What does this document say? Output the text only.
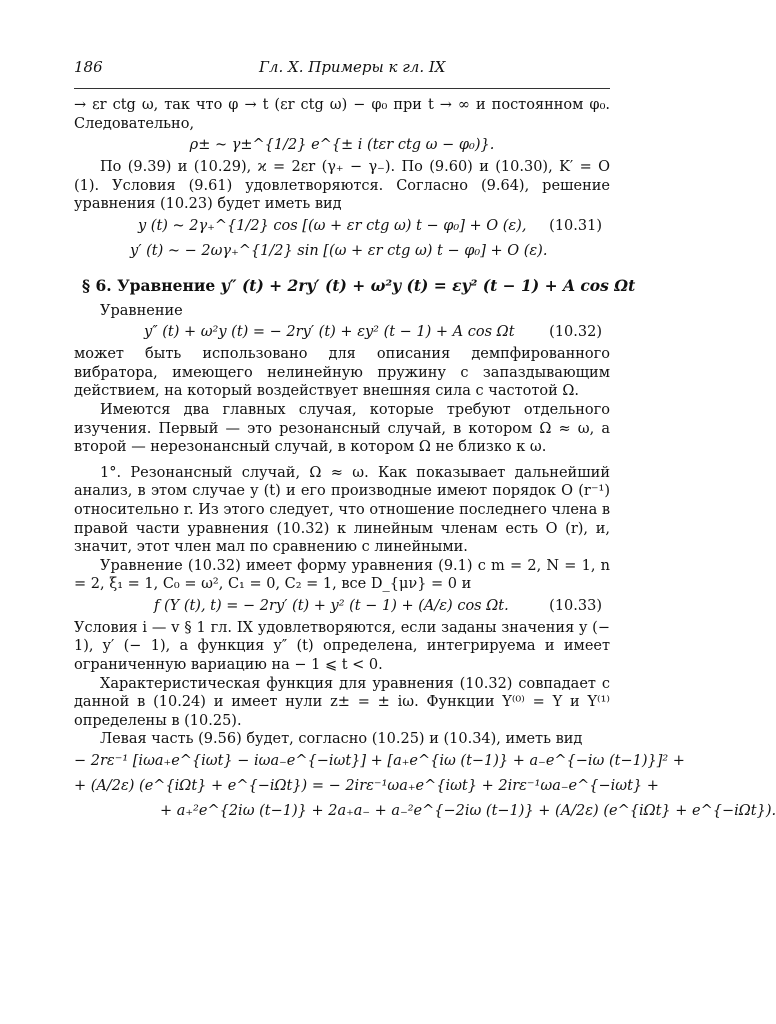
186	Гл. X. Примеры к гл. IX

→ εr ctg ω, так что φ → t (εr ctg ω) − φ₀ при t → ∞ и постоянном φ₀. Следовательно,

ρ± ~ γ±^{1/2} e^{± i (tεr ctg ω − φ₀)}.

По (9.39) и (10.29), ϰ = 2εr (γ₊ − γ₋). По (9.60) и (10.30), K′ = O (1). Условия (9.61) удовлетворяются. Согласно (9.64), решение уравнения (10.23) будет иметь вид

y (t) ~ 2γ₊^{1/2} cos [(ω + εr ctg ω) t − φ₀] + O (ε), (10.31)
y′ (t) ~ − 2ωγ₊^{1/2} sin [(ω + εr ctg ω) t − φ₀] + O (ε).
§ 6. Уравнение y″ (t) + 2ry′ (t) + ω²y (t) = εy² (t − 1) + A cos Ωt

Уравнение

y″ (t) + ω²y (t) = − 2ry′ (t) + εy² (t − 1) + A cos Ωt (10.32)

может быть использовано для описания демпфированного вибратора, имеющего нелинейную пружину с запаздывающим действием, на который воздействует внешняя сила с частотой Ω.

Имеются два главных случая, которые требуют отдельного изучения. Первый — это резонансный случай, в котором Ω ≈ ω, а второй — нерезонансный случай, в котором Ω не близко к ω.

1°. Резонансный случай, Ω ≈ ω. Как показывает дальнейший анализ, в этом случае y (t) и его производные имеют порядок O (r⁻¹) относительно r. Из этого следует, что отношение последнего члена в правой части уравнения (10.32) к линейным членам есть O (r), и, значит, этот член мал по сравнению с линейными.

Уравнение (10.32) имеет форму уравнения (9.1) с m = 2, N = 1, n = 2, ξ₁ = 1, C₀ = ω², C₁ = 0, C₂ = 1, все D_{μν} = 0 и

f (Y (t), t) = − 2ry′ (t) + y² (t − 1) + (A/ε) cos Ωt.	(10.33)

Условия i — v § 1 гл. IX удовлетворяются, если заданы значения y (− 1), y′ (− 1), а функция y″ (t) определена, интегрируема и имеет ограниченную вариацию на − 1 ⩽ t < 0.

Характеристическая функция для уравнения (10.32) совпадает с данной в (10.24) и имеет нули z± = ± iω. Функции Y⁽⁰⁾ = Y и Y⁽¹⁾ определены в (10.25).

Левая часть (9.56) будет, согласно (10.25) и (10.34), иметь вид

− 2rε⁻¹ [iωa₊e^{iωt} − iωa₋e^{−iωt}] + [a₊e^{iω (t−1)} + a₋e^{−iω (t−1)}]² +
+ (A/2ε) (e^{iΩt} + e^{−iΩt}) = − 2irε⁻¹ωa₊e^{iωt} + 2irε⁻¹ωa₋e^{−iωt} +
+ a₊²e^{2iω (t−1)} + 2a₊a₋ + a₋²e^{−2iω (t−1)} + (A/2ε) (e^{iΩt} + e^{−iΩt}).
